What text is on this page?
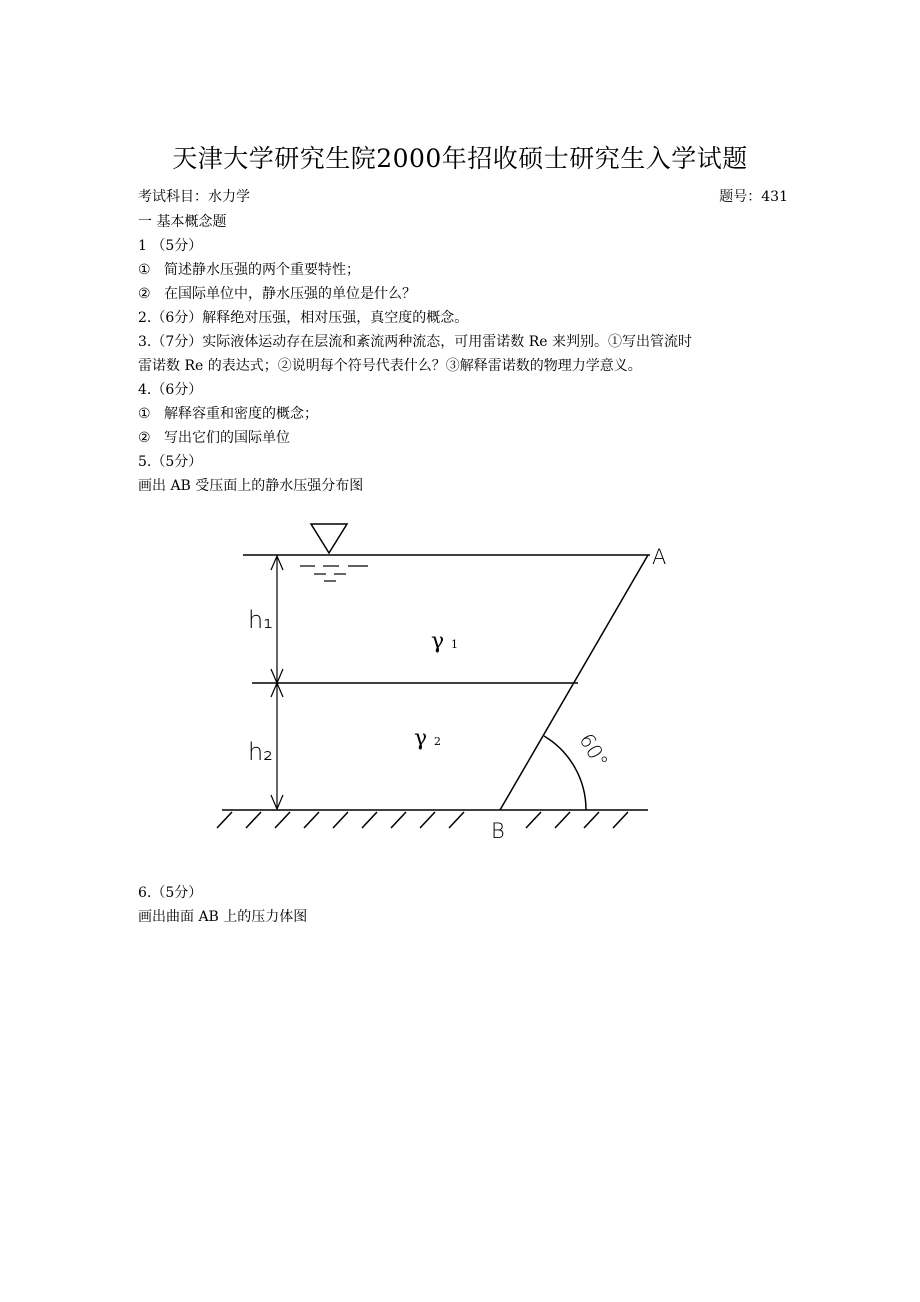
天津大学研究生院2000年招收硕士研究生入学试题
考试科目：水力学	题号：431
一 基本概念题
1 （5分）
① 简述静水压强的两个重要特性；
② 在国际单位中，静水压强的单位是什么？
2.（6分）解释绝对压强，相对压强，真空度的概念。
3.（7分）实际液体运动存在层流和紊流两种流态，可用雷诺数 Re 来判别。①写出管流时
雷诺数 Re 的表达式；②说明每个符号代表什么？③解释雷诺数的物理力学意义。
4.（6分）
① 解释容重和密度的概念；
② 写出它们的国际单位
5.（5分）
画出 AB 受压面上的静水压强分布图
A
B
h₁
h₂
γ 1
γ 2	60°
6.（5分）
画出曲面 AB 上的压力体图
